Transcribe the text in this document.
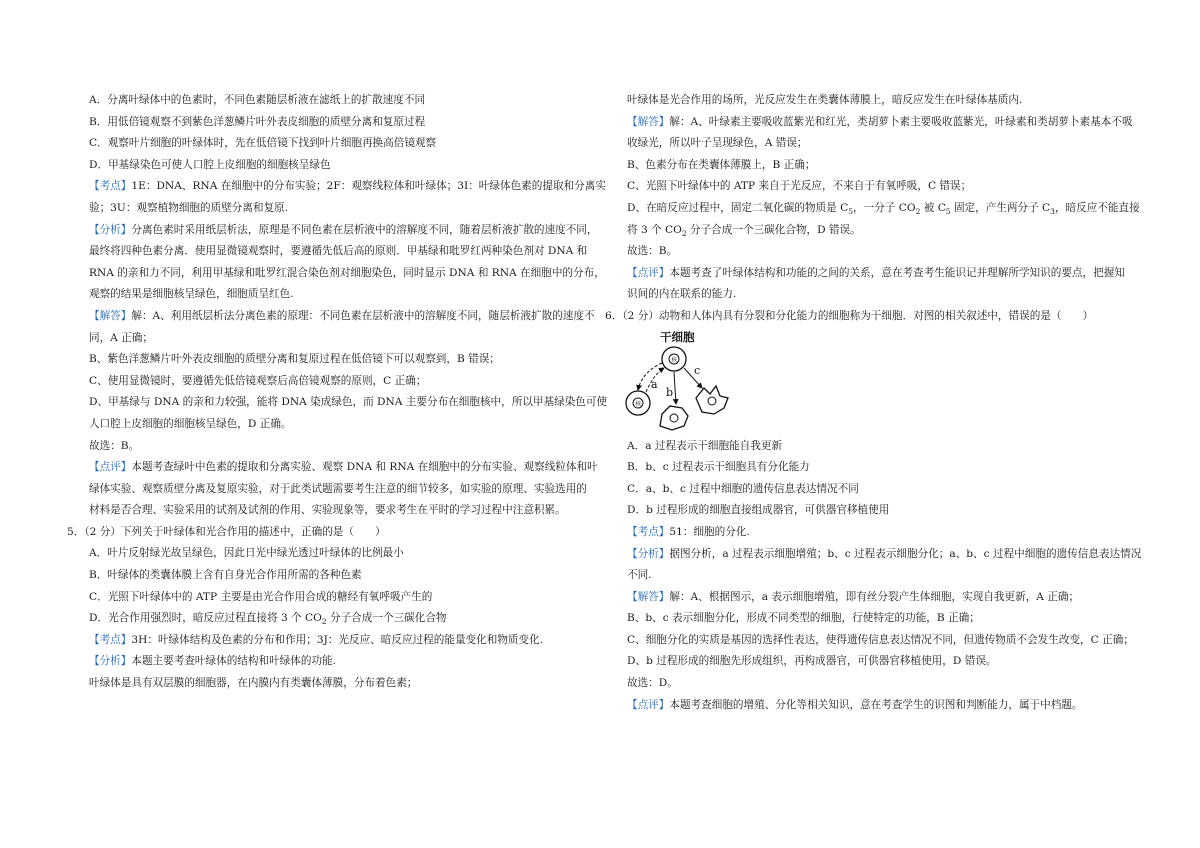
A．分离叶绿体中的色素时，不同色素随层析液在滤纸上的扩散速度不同
B．用低倍镜观察不到紫色洋葱鳞片叶外表皮细胞的质壁分离和复原过程
C．观察叶片细胞的叶绿体时，先在低倍镜下找到叶片细胞再换高倍镜观察
D．甲基绿染色可使人口腔上皮细胞的细胞核呈绿色
【考点】1E：DNA、RNA 在细胞中的分布实验；2F：观察线粒体和叶绿体；3I：叶绿体色素的提取和分离实
验；3U：观察植物细胞的质壁分离和复原.
【分析】分离色素时采用纸层析法，原理是不同色素在层析液中的溶解度不同，随着层析液扩散的速度不同，
最终将四种色素分离．使用显微镜观察时，要遵循先低后高的原则．甲基绿和吡罗红两种染色剂对 DNA 和
RNA 的亲和力不同，利用甲基绿和吡罗红混合染色剂对细胞染色，同时显示 DNA 和 RNA 在细胞中的分布，
观察的结果是细胞核呈绿色，细胞质呈红色.
【解答】解：A、利用纸层析法分离色素的原理：不同色素在层析液中的溶解度不同，随层析液扩散的速度不
同，A 正确；
B、紫色洋葱鳞片叶外表皮细胞的质壁分离和复原过程在低倍镜下可以观察到，B 错误；
C、使用显微镜时，要遵循先低倍镜观察后高倍镜观察的原则，C 正确；
D、甲基绿与 DNA 的亲和力较强，能将 DNA 染成绿色，而 DNA 主要分布在细胞核中，所以甲基绿染色可使
人口腔上皮细胞的细胞核呈绿色，D 正确。
故选：B。
【点评】本题考查绿叶中色素的提取和分离实验、观察 DNA 和 RNA 在细胞中的分布实验、观察线粒体和叶
绿体实验、观察质壁分离及复原实验，对于此类试题需要考生注意的细节较多，如实验的原理、实验选用的
材料是否合理、实验采用的试剂及试剂的作用、实验现象等，要求考生在平时的学习过程中注意积累。
5．（2 分）下列关于叶绿体和光合作用的描述中，正确的是（　　）
A．叶片反射绿光故呈绿色，因此日光中绿光透过叶绿体的比例最小
B．叶绿体的类囊体膜上含有自身光合作用所需的各种色素
C．光照下叶绿体中的 ATP 主要是由光合作用合成的糖经有氧呼吸产生的
D．光合作用强烈时，暗反应过程直接将 3 个 $CO_2$ 分子合成一个三碳化合物
【考点】3H：叶绿体结构及色素的分布和作用；3J：光反应、暗反应过程的能量变化和物质变化.
【分析】本题主要考查叶绿体的结构和叶绿体的功能.
叶绿体是具有双层膜的细胞器，在内膜内有类囊体薄膜，分布着色素；
叶绿体是光合作用的场所，光反应发生在类囊体薄膜上，暗反应发生在叶绿体基质内.
【解答】解：A、叶绿素主要吸收蓝紫光和红光，类胡萝卜素主要吸收蓝紫光，叶绿素和类胡萝卜素基本不吸
收绿光，所以叶子呈现绿色，A 错误；
B、色素分布在类囊体薄膜上，B 正确；
C、光照下叶绿体中的 ATP 来自于光反应，不来自于有氧呼吸，C 错误；
D、在暗反应过程中，固定二氧化碳的物质是 $C_5$，一分子 $CO_2$ 被 $C_5$ 固定，产生两分子 $C_3$，暗反应不能直接
将 3 个 $CO_2$ 分子合成一个三碳化合物，D 错误。
故选：B。
【点评】本题考查了叶绿体结构和功能的之间的关系，意在考查考生能识记并理解所学知识的要点，把握知
识间的内在联系的能力.
6．（2 分）动物和人体内具有分裂和分化能力的细胞称为干细胞．对图的相关叙述中，错误的是（　　）
干细胞
核
核
a
b
c
A．a 过程表示干细胞能自我更新
B．b、c 过程表示干细胞具有分化能力
C．a、b、c 过程中细胞的遗传信息表达情况不同
D．b 过程形成的细胞直接组成器官，可供器官移植使用
【考点】51：细胞的分化.
【分析】据图分析，a 过程表示细胞增殖；b、c 过程表示细胞分化；a、b、c 过程中细胞的遗传信息表达情况
不同.
【解答】解：A、根据图示，a 表示细胞增殖，即有丝分裂产生体细胞，实现自我更新，A 正确；
B、b、c 表示细胞分化，形成不同类型的细胞，行使特定的功能，B 正确；
C、细胞分化的实质是基因的选择性表达，使得遗传信息表达情况不同，但遗传物质不会发生改变，C 正确；
D、b 过程形成的细胞先形成组织，再构成器官，可供器官移植使用，D 错误。
故选：D。
【点评】本题考查细胞的增殖、分化等相关知识，意在考查学生的识图和判断能力，属于中档题。
